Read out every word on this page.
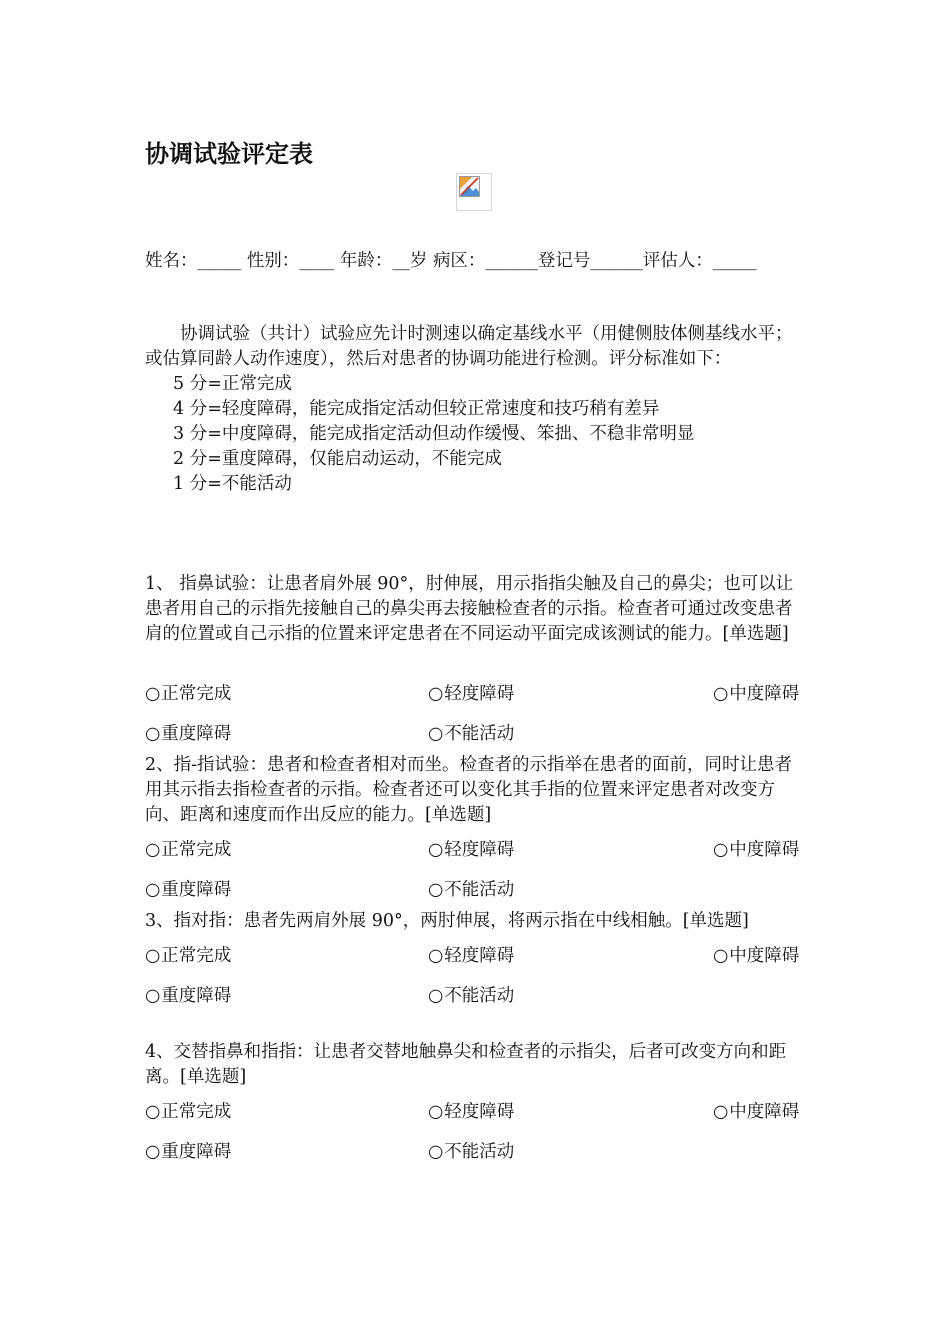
协调试验评定表

姓名：_____ 性别：____ 年龄：__岁 病区：______登记号______评估人：_____

协调试验（共计）试验应先计时测速以确定基线水平（用健侧肢体侧基线水平；或估算同龄人动作速度），然后对患者的协调功能进行检测。评分标准如下：

5 分=正常完成

4 分=轻度障碍，能完成指定活动但较正常速度和技巧稍有差异

3 分=中度障碍，能完成指定活动但动作缓慢、笨拙、不稳非常明显

2 分=重度障碍，仅能启动运动，不能完成

1 分=不能活动

1、 指鼻试验：让患者肩外展 90°，肘伸展，用示指指尖触及自己的鼻尖；也可以让患者用自己的示指先接触自己的鼻尖再去接触检查者的示指。检查者可通过改变患者肩的位置或自己示指的位置来评定患者在不同运动平面完成该测试的能力。[单选题]

○正常完成	○轻度障碍	○中度障碍
○重度障碍	○不能活动

2、指-指试验：患者和检查者相对而坐。检查者的示指举在患者的面前，同时让患者用其示指去指检查者的示指。检查者还可以变化其手指的位置来评定患者对改变方向、距离和速度而作出反应的能力。[单选题]

○正常完成	○轻度障碍	○中度障碍
○重度障碍	○不能活动

3、指对指：患者先两肩外展 90°，两肘伸展，将两示指在中线相触。[单选题]

○正常完成	○轻度障碍	○中度障碍
○重度障碍	○不能活动

4、交替指鼻和指指：让患者交替地触鼻尖和检查者的示指尖，后者可改变方向和距离。[单选题]

○正常完成	○轻度障碍	○中度障碍
○重度障碍	○不能活动
